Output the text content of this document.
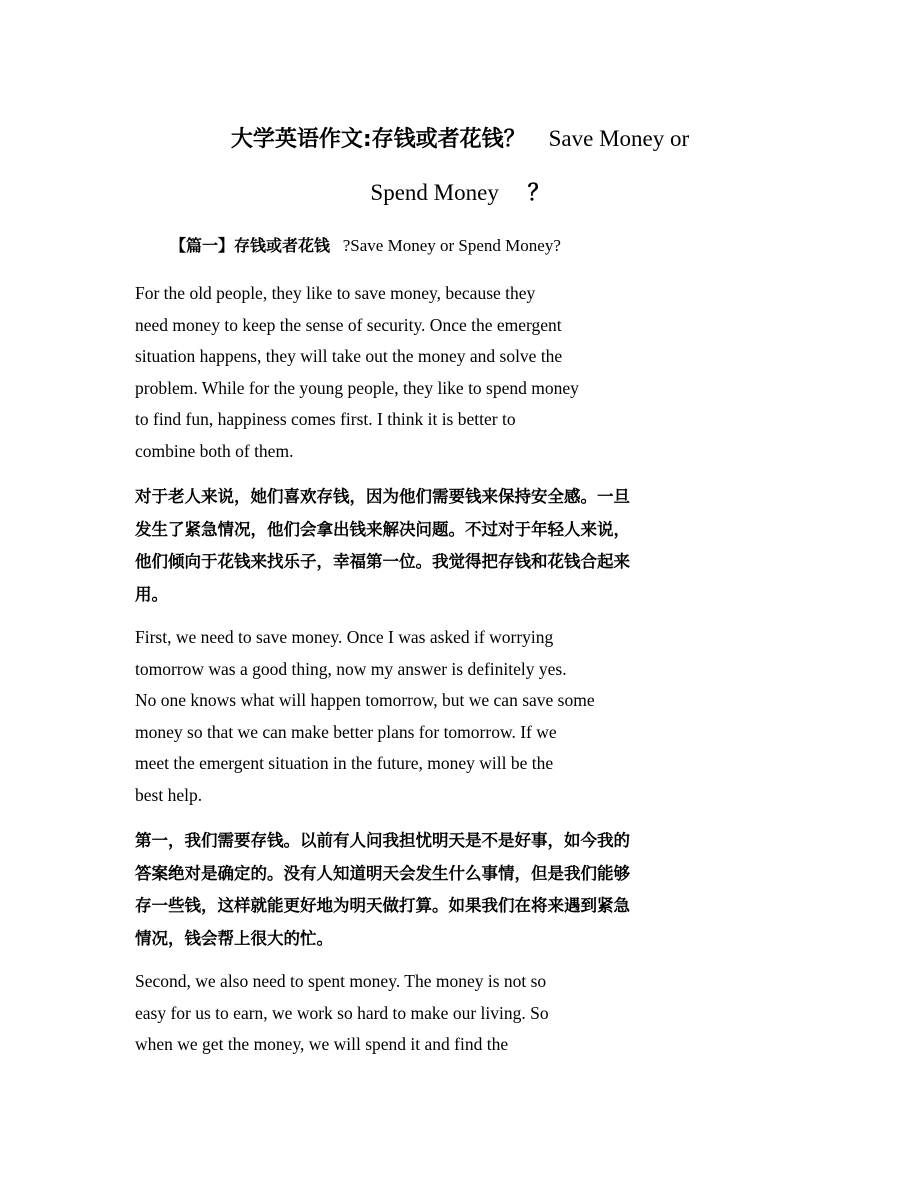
大学英语作文:存钱或者花钱？ Save Money or
Spend Money ？
【篇一】存钱或者花钱 ?Save Money or Spend Money?
For the old people, they like to save money, because they
need money to keep the sense of security. Once the emergent
situation happens, they will take out the money and solve the
problem. While for the young people, they like to spend money
to find fun, happiness comes first. I think it is better to
combine both of them.
对于老人来说，她们喜欢存钱，因为他们需要钱来保持安全感。一旦
发生了紧急情况，他们会拿出钱来解决问题。不过对于年轻人来说，
他们倾向于花钱来找乐子，幸福第一位。我觉得把存钱和花钱合起来
用。
First, we need to save money. Once I was asked if worrying
tomorrow was a good thing, now my answer is definitely yes.
No one knows what will happen tomorrow, but we can save some
money so that we can make better plans for tomorrow. If we
meet the emergent situation in the future, money will be the
best help.
第一，我们需要存钱。以前有人问我担忧明天是不是好事，如今我的
答案绝对是确定的。没有人知道明天会发生什么事情，但是我们能够
存一些钱，这样就能更好地为明天做打算。如果我们在将来遇到紧急
情况，钱会帮上很大的忙。
Second, we also need to spent money. The money is not so
easy for us to earn, we work so hard to make our living. So
when we get the money, we will spend it and find the
